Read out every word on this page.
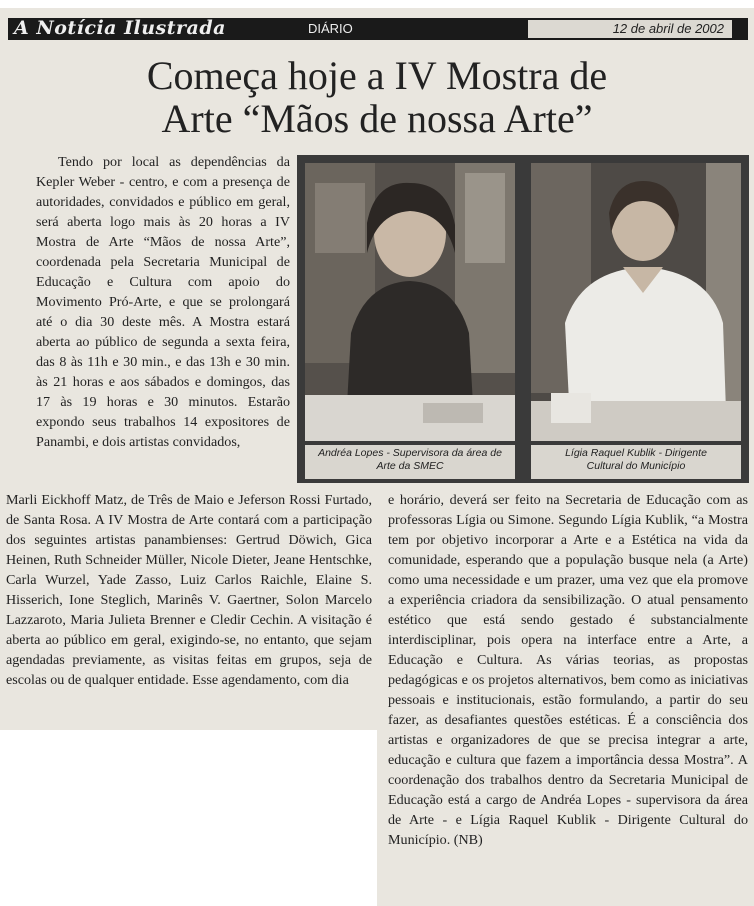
A Notícia Ilustrada	DIÁRIO	12 de abril de 2002
Começa hoje a IV Mostra de
Arte “Mãos de nossa Arte”

Tendo por local as dependências da Kepler Weber - centro, e com a presença de autoridades, convidados e público em geral, será aberta logo mais às 20 horas a IV Mostra de Arte “Mãos de nossa Arte”, coordenada pela Secretaria Municipal de Educação e Cultura com apoio do Movimento Pró-Arte, e que se prolongará até o dia 30 deste mês. A Mostra estará aberta ao público de segunda a sexta feira, das 8 às 11h e 30 min., e das 13h e 30 min. às 21 horas e aos sábados e domingos, das 17 às 19 horas e 30 minutos. Estarão expondo seus trabalhos 14 expositores de Panambi, e dois artistas convidados,

Andréa Lopes - Supervisora da área de
Arte da SMEC
Lígia Raquel Kublik - Dirigente
Cultural do Município

Marli Eickhoff Matz, de Três de Maio e Jeferson Rossi Furtado, de Santa Rosa. A IV Mostra de Arte contará com a participação dos seguintes artistas panambienses: Gertrud Döwich, Gica Heinen, Ruth Schneider Müller, Nicole Dieter, Jeane Hentschke, Carla Wurzel, Yade Zasso, Luiz Carlos Raichle, Elaine S. Hisserich, Ione Steglich, Marinês V. Gaertner, Solon Marcelo Lazzaroto, Maria Julieta Brenner e Cledir Cechin. A visitação é aberta ao público em geral, exigindo-se, no entanto, que sejam agendadas previamente, as visitas feitas em grupos, seja de escolas ou de qualquer entidade. Esse agendamento, com dia

e horário, deverá ser feito na Secretaria de Educação com as professoras Lígia ou Simone. Segundo Lígia Kublik, “a Mostra tem por objetivo incorporar a Arte e a Estética na vida da comunidade, esperando que a população busque nela (a Arte) como uma necessidade e um prazer, uma vez que ela promove a experiência criadora da sensibilização. O atual pensamento estético que está sendo gestado é substancialmente interdisciplinar, pois opera na interface entre a Arte, a Educação e Cultura. As várias teorias, as propostas pedagógicas e os projetos alternativos, bem como as iniciativas pessoais e institucionais, estão formulando, a partir do seu fazer, as desafiantes questões estéticas. É a consciência dos artistas e organizadores de que se precisa integrar a arte, educação e cultura que fazem a importância dessa Mostra”. A coordenação dos trabalhos dentro da Secretaria Municipal de Educação está a cargo de Andréa Lopes - supervisora da área de Arte - e Lígia Raquel Kublik - Dirigente Cultural do Município. (NB)
